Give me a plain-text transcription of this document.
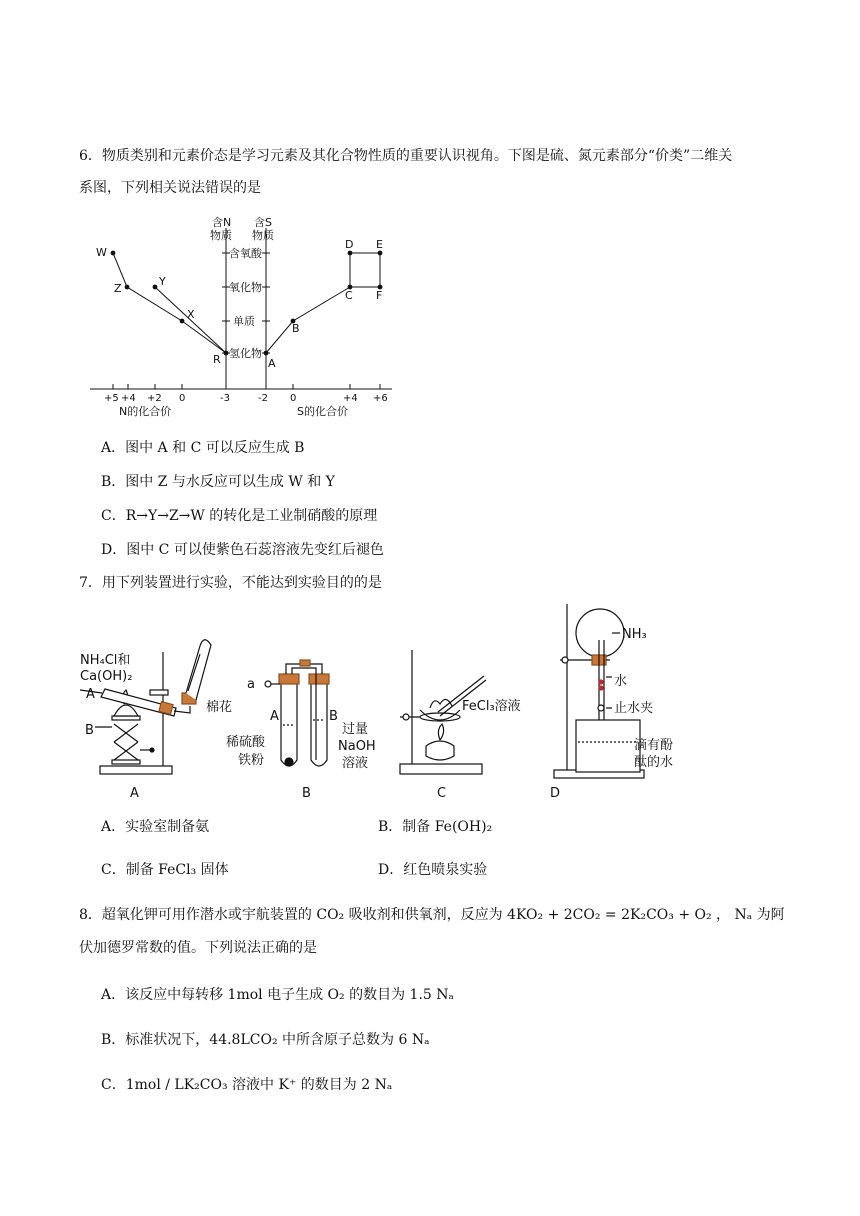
6．物质类别和元素价态是学习元素及其化合物性质的重要认识视角。下图是硫、氮元素部分“价类”二维关
系图，下列相关说法错误的是
含N
物质
含S
物质
含氧酸
氧化物
单质
氢化物
W
Z
Y
X
R	A
B
C
D E
F
+5 +4 +2 0	-3	-2 0	+4 +6
N的化合价	S的化合价
A．图中 A 和 C 可以反应生成 B
B．图中 Z 与水反应可以生成 W 和 Y
C．R→Y→Z→W 的转化是工业制硝酸的原理
D．图中 C 可以使紫色石蕊溶液先变红后褪色
7．用下列装置进行实验，不能达到实验目的的是
NH₄Cl和
Ca(OH)₂
A
B
棉花
A
a
A	B
稀硫酸
铁粉
过量
NaOH
溶液
B
FeCl₃溶液
C
NH₃
水
止水夹
滴有酚
酞的水
D
A．实验室制备氨	B．制备 Fe(OH)₂
C．制备 FeCl₃ 固体	D．红色喷泉实验
8．超氧化钾可用作潜水或宇航装置的 CO₂ 吸收剂和供氧剂，反应为 4KO₂ + 2CO₂ = 2K₂CO₃ + O₂ ， Nₐ 为阿
伏加德罗常数的值。下列说法正确的是
A．该反应中每转移 1mol 电子生成 O₂ 的数目为 1.5 Nₐ
B．标准状况下，44.8LCO₂ 中所含原子总数为 6 Nₐ
C．1mol / LK₂CO₃ 溶液中 K⁺ 的数目为 2 Nₐ
